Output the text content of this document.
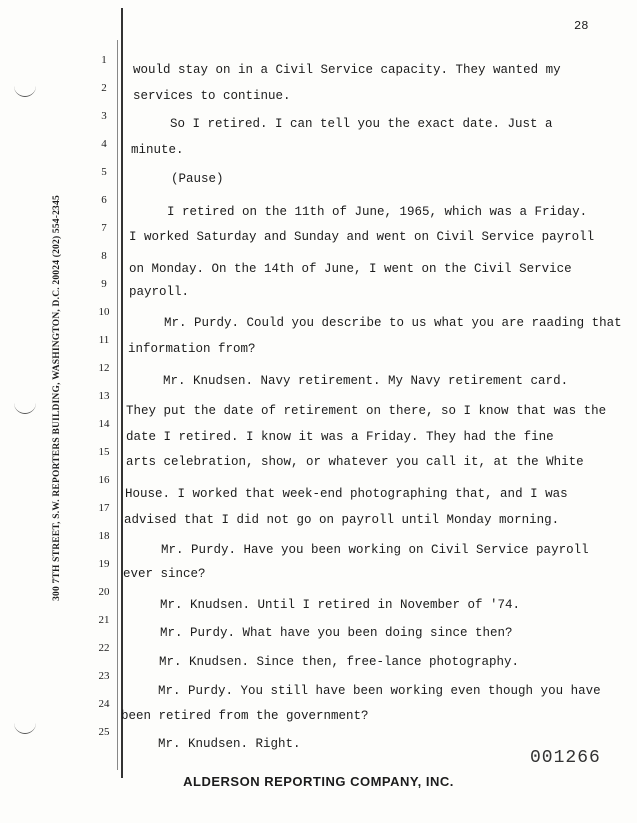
28
300 7TH STREET, S.W. REPORTERS BUILDING, WASHINGTON, D.C. 20024 (202) 554-2345
1
2
3
4
5
6
7
8
9
10
11
12
13
14
15
16
17
18
19
20
21
22
23
24
25
would stay on in a Civil Service capacity. They wanted my
services to continue.
So I retired. I can tell you the exact date. Just a
minute.
(Pause)
I retired on the 11th of June, 1965, which was a Friday.
I worked Saturday and Sunday and went on Civil Service payroll
on Monday. On the 14th of June, I went on the Civil Service
payroll.
Mr. Purdy. Could you describe to us what you are raading that
information from?
Mr. Knudsen. Navy retirement. My Navy retirement card.
They put the date of retirement on there, so I know that was the
date I retired. I know it was a Friday. They had the fine
arts celebration, show, or whatever you call it, at the White
House. I worked that week-end photographing that, and I was
advised that I did not go on payroll until Monday morning.
Mr. Purdy. Have you been working on Civil Service payroll
ever since?
Mr. Knudsen. Until I retired in November of '74.
Mr. Purdy. What have you been doing since then?
Mr. Knudsen. Since then, free-lance photography.
Mr. Purdy. You still have been working even though you have
been retired from the government?
Mr. Knudsen. Right.
001266
ALDERSON REPORTING COMPANY, INC.
